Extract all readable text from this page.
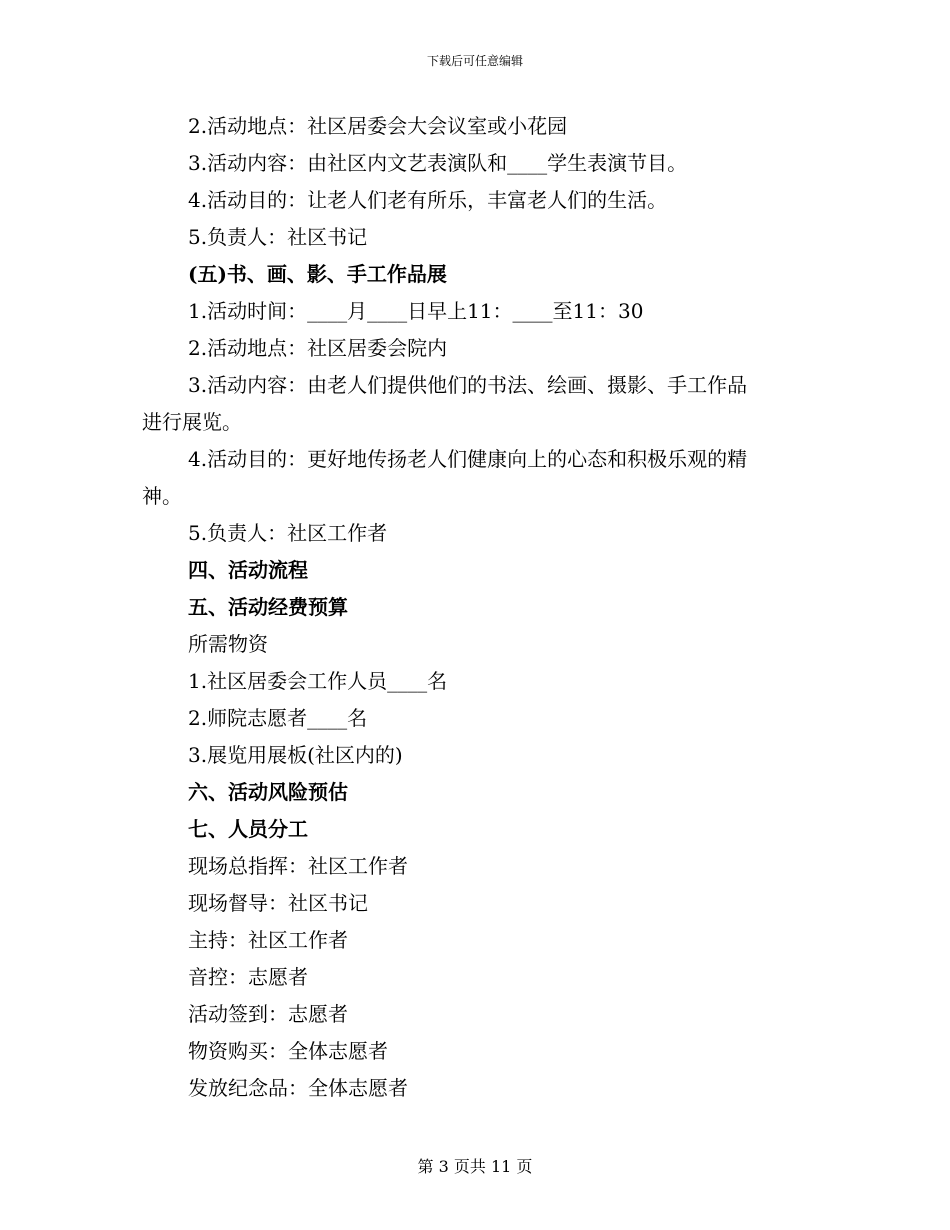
下载后可任意编辑
2.活动地点：社区居委会大会议室或小花园
3.活动内容：由社区内文艺表演队和____学生表演节目。
4.活动目的：让老人们老有所乐，丰富老人们的生活。
5.负责人：社区书记
(五)书、画、影、手工作品展
1.活动时间：____月____日早上11：____至11：30
2.活动地点：社区居委会院内
3.活动内容：由老人们提供他们的书法、绘画、摄影、手工作品
进行展览。
4.活动目的：更好地传扬老人们健康向上的心态和积极乐观的精
神。
5.负责人：社区工作者
四、活动流程
五、活动经费预算
所需物资
1.社区居委会工作人员____名
2.师院志愿者____名
3.展览用展板(社区内的)
六、活动风险预估
七、人员分工
现场总指挥：社区工作者
现场督导：社区书记
主持：社区工作者
音控：志愿者
活动签到：志愿者
物资购买：全体志愿者
发放纪念品：全体志愿者
第 3 页共 11 页
